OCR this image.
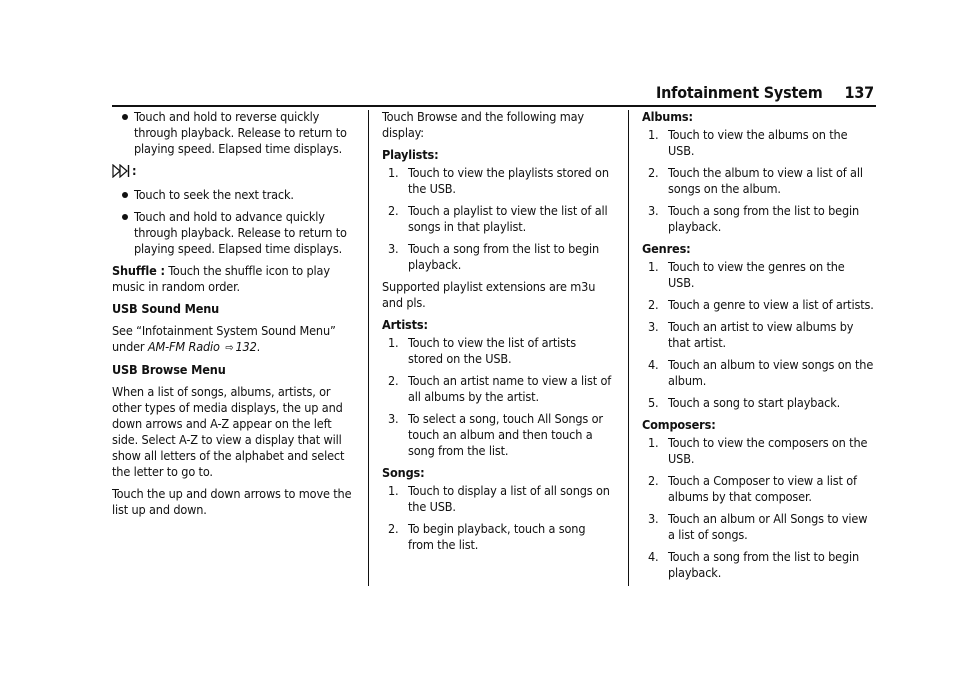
Infotainment System 137
Touch and hold to reverse quickly through playback. Release to return to playing speed. Elapsed time displays.
:
Touch to seek the next track.
Touch and hold to advance quickly through playback. Release to return to playing speed. Elapsed time displays.

Shuffle : Touch the shuffle icon to play music in random order.

USB Sound Menu

See “Infotainment System Sound Menu” under AM-FM Radio ⇨ 132.

USB Browse Menu

When a list of songs, albums, artists, or other types of media displays, the up and down arrows and A-Z appear on the left side. Select A-Z to view a display that will show all letters of the alphabet and select the letter to go to.

Touch the up and down arrows to move the list up and down.

Touch Browse and the following may display:

Playlists:

1. Touch to view the playlists stored on the USB.
2. Touch a playlist to view the list of all songs in that playlist.
3. Touch a song from the list to begin playback.

Supported playlist extensions are m3u and pls.

Artists:

1. Touch to view the list of artists stored on the USB.
2. Touch an artist name to view a list of all albums by the artist.
3. To select a song, touch All Songs or touch an album and then touch a song from the list.

Songs:

1. Touch to display a list of all songs on the USB.
2. To begin playback, touch a song from the list.

Albums:

1. Touch to view the albums on the USB.
2. Touch the album to view a list of all songs on the album.
3. Touch a song from the list to begin playback.

Genres:

1. Touch to view the genres on the USB.
2. Touch a genre to view a list of artists.
3. Touch an artist to view albums by that artist.
4. Touch an album to view songs on the album.
5. Touch a song to start playback.

Composers:

1. Touch to view the composers on the USB.
2. Touch a Composer to view a list of albums by that composer.
3. Touch an album or All Songs to view a list of songs.
4. Touch a song from the list to begin playback.
